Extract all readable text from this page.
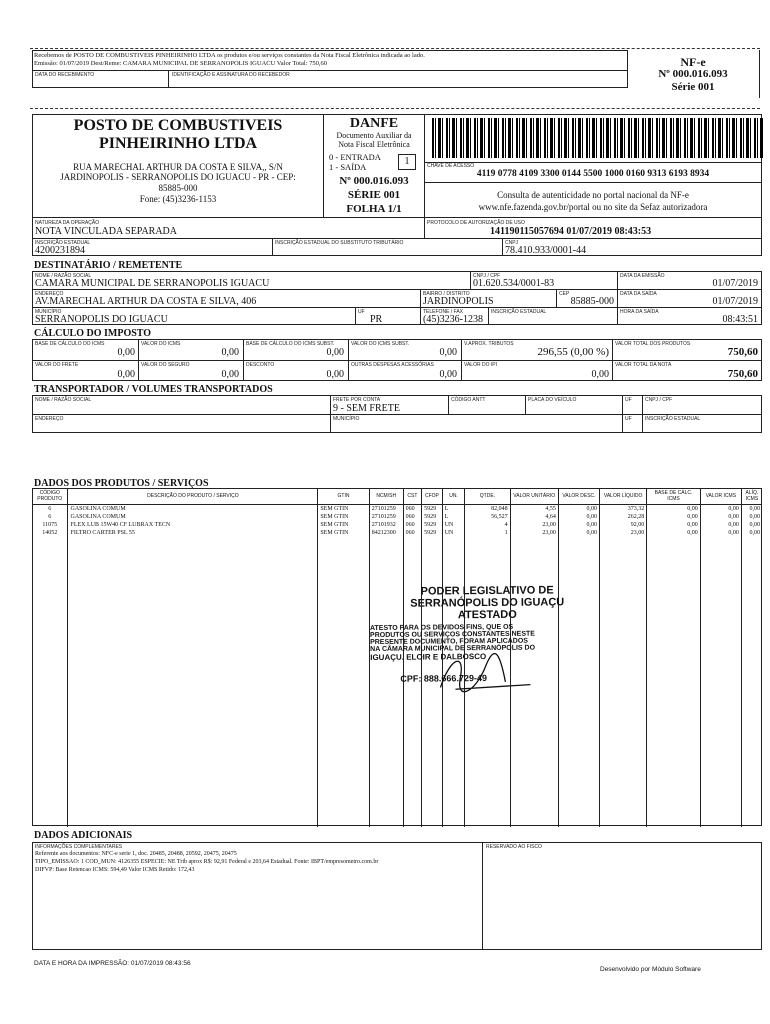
Recebemos de POSTO DE COMBUSTIVEIS PINHEIRINHO LTDA os produtos e/ou serviços constantes da Nota Fiscal Eletrônica indicada ao lado.
Emissão: 01/07/2019 Dest/Reme: CAMARA MUNICIPAL DE SERRANOPOLIS IGUACU Valor Total: 750,60
DATA DO RECEBIMENTO	IDENTIFICAÇÃO E ASSINATURA DO RECEBEDOR
NF-e
Nº 000.016.093
Série 001
POSTO DE COMBUSTIVEIS
PINHEIRINHO LTDA
RUA MARECHAL ARTHUR DA COSTA E SILVA,, S/N
JARDINOPOLIS - SERRANOPOLIS DO IGUACU - PR - CEP:
85885-000
Fone: (45)3236-1153
DANFE
Documento Auxiliar da
Nota Fiscal Eletrônica
0 - ENTRADA
1 - SAÍDA	1
Nº 000.016.093
SÉRIE 001
FOLHA 1/1
CHAVE DE ACESSO
4119 0778 4109 3300 0144 5500 1000 0160 9313 6193 8934
Consulta de autenticidade no portal nacional da NF-e
www.nfe.fazenda.gov.br/portal ou no site da Sefaz autorizadora
NATUREZA DA OPERAÇÃO
NOTA VINCULADA SEPARADA
PROTOCOLO DE AUTORIZAÇÃO DE USO
141190115057694 01/07/2019 08:43:53
INSCRIÇÃO ESTADUAL
4200231894
INSCRIÇÃO ESTADUAL DO SUBSTITUTO TRIBUTÁRIO	CNPJ
78.410.933/0001-44
DESTINATÁRIO / REMETENTE
NOME / RAZÃO SOCIAL
CAMARA MUNICIPAL DE SERRANOPOLIS IGUACU
CNPJ / CPF
01.620.534/0001-83
DATA DA EMISSÃO
01/07/2019
ENDEREÇO
AV.MARECHAL ARTHUR DA COSTA E SILVA, 406
BAIRRO / DISTRITO
JARDINOPOLIS
CEP
85885-000
DATA DA SAÍDA
01/07/2019
MUNICÍPIO
SERRANOPOLIS DO IGUACU
UF
PR
TELEFONE / FAX
(45)3236-1238
INSCRIÇÃO ESTADUAL	HORA DA SAÍDA
08:43:51
CÁLCULO DO IMPOSTO
BASE DE CÁLCULO DO ICMS
0,00
VALOR DO ICMS
0,00
BASE DE CÁLCULO DO ICMS SUBST.
0,00
VALOR DO ICMS SUBST.
0,00
V.APROX. TRIBUTOS
296,55 (0,00 %)
VALOR TOTAL DOS PRODUTOS
750,60
VALOR DO FRETE
0,00
VALOR DO SEGURO
0,00
DESCONTO
0,00
OUTRAS DESPESAS ACESSÓRIAS
0,00
VALOR DO IPI
0,00
VALOR TOTAL DA NOTA
750,60
TRANSPORTADOR / VOLUMES TRANSPORTADOS
NOME / RAZÃO SOCIAL	FRETE POR CONTA
9 - SEM FRETE
CÓDIGO ANTT	PLACA DO VEÍCULO	UF	CNPJ / CPF
ENDEREÇO	MUNICÍPIO	UF	INSCRIÇÃO ESTADUAL
DADOS DOS PRODUTOS / SERVIÇOS
CÓDIGO PRODUTO	DESCRIÇÃO DO PRODUTO / SERVIÇO	GTIN	NCM/SH	CST	CFOP	UN.	QTDE.	VALOR UNITÁRIO	VALOR DESC.	VALOR LÍQUIDO	BASE DE CÁLC. ICMS	VALOR ICMS	ALÍQ. ICMS
6	GASOLINA COMUM	SEM GTIN	27101259	060	5929	L	82,048	4,55	0,00	373,32	0,00	0,00	0,00
6	GASOLINA COMUM	SEM GTIN	27101259	060	5929	L	56,527	4,64	0,00	262,28	0,00	0,00	0,00
11075	FLEX LUB 15W40 CF LUBRAX TECN	SEM GTIN	27101932	060	5929	UN	4	23,00	0,00	92,00	0,00	0,00	0,00
14052	FILTRO CARTER PSL 55	SEM GTIN	84212300	060	5929	UN	1	23,00	0,00	23,00	0,00	0,00	0,00

PODER LEGISLATIVO DE
SERRANÓPOLIS DO IGUAÇU
ATESTADO
ATESTO PARA OS DEVIDOS FINS, QUE OS
PRODUTOS OU SERVIÇOS CONSTANTES NESTE
PRESENTE DOCUMENTO, FORAM APLICADOS
NA CÂMARA MUNICIPAL DE SERRANÓPOLIS DO
IGUAÇU. ELOIR E DALBOSCO
CPF: 888.666.729-49
DADOS ADICIONAIS
INFORMAÇÕES COMPLEMENTARES
Referente aos documentos: NFC-e serie 1, doc. 20485, 20488, 20592, 20475, 20475
TIPO_EMISSAO: 1 COD_MUN: 4126355 ESPECIE: NE Trib aprox R$: 92,91 Federal e 203,64 Estadual. Fonte: IBPT/empresometro.com.br
DIFVP: Base Retencao ICMS: 594,49 Valor ICMS Retido: 172,43
RESERVADO AO FISCO
DATA E HORA DA IMPRESSÃO: 01/07/2019 08:43:56
Desenvolvido por Módulo Software
